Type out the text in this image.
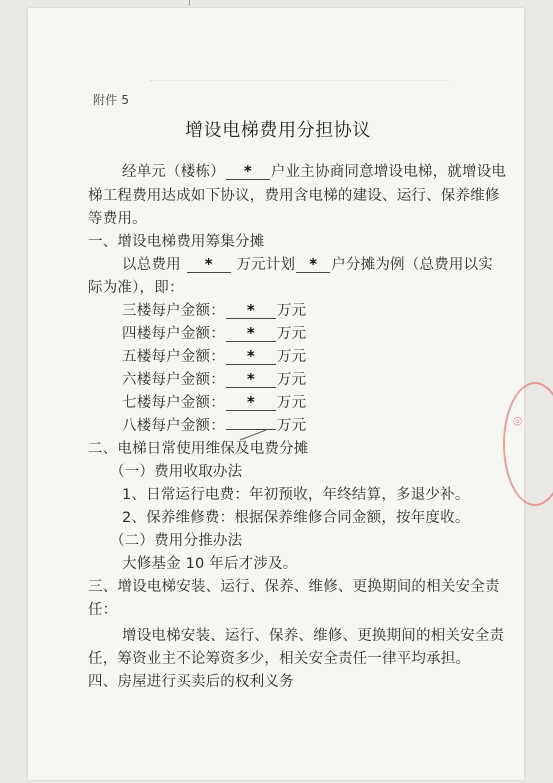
附件 5
增设电梯费用分担协议
经单元（楼栋） * 户业主协商同意增设电梯，就增设电
梯工程费用达成如下协议，费用含电梯的建设、运行、保养维修
等费用。
一、增设电梯费用筹集分摊
以总费用 * 万元计划 * 户分摊为例（总费用以实
际为准），即：
三楼每户金额： * 万元
四楼每户金额： * 万元
五楼每户金额： * 万元
六楼每户金额： * 万元
七楼每户金额： * 万元
八楼每户金额：	万元
二、电梯日常使用维保及电费分摊
（一）费用收取办法
1、日常运行电费：年初预收，年终结算，多退少补。
2、保养维修费：根据保养维修合同金额，按年度收。
（二）费用分推办法
大修基金 10 年后才涉及。
三、增设电梯安装、运行、保养、维修、更换期间的相关安全责
任：
增设电梯安装、运行、保养、维修、更换期间的相关安全责
任，筹资业主不论筹资多少，相关安全责任一律平均承担。
四、房屋进行买卖后的权利义务
◎
